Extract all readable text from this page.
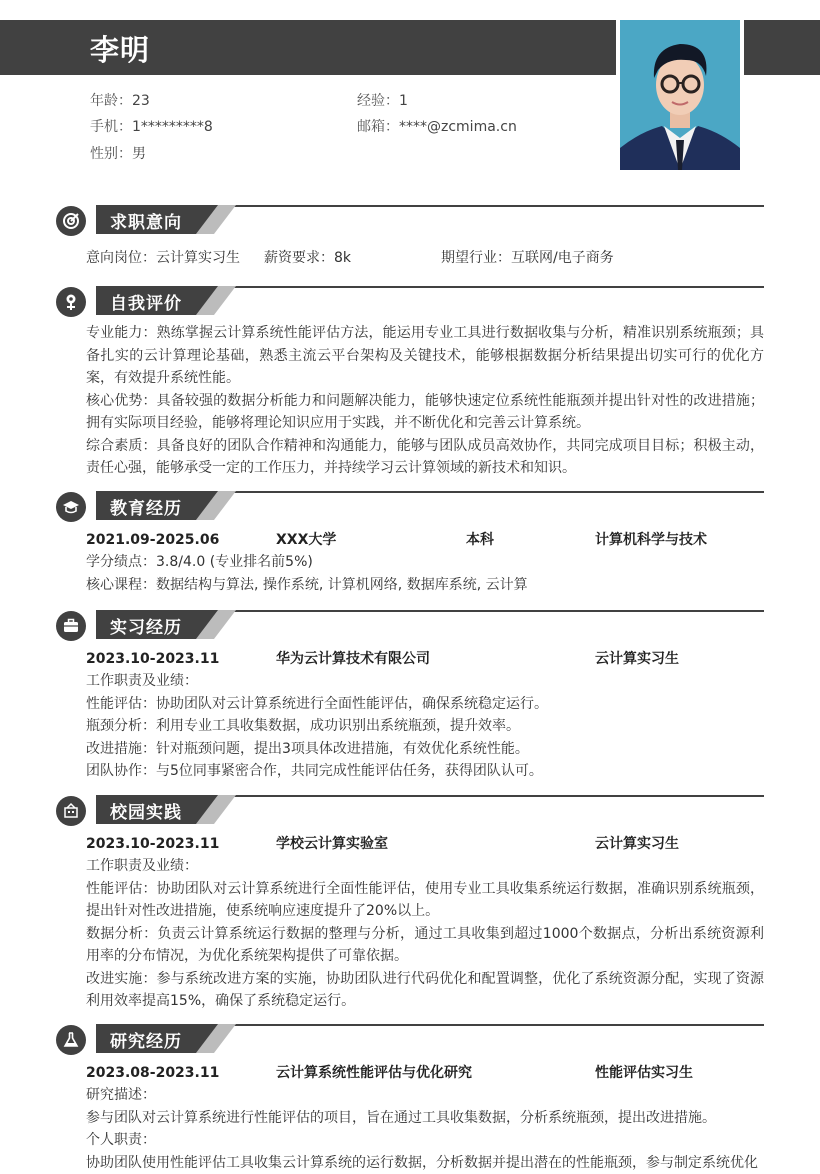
李明
年龄：23	经验：1
手机：1*********8	邮箱：****@zcmima.cn
性别：男
求职意向
意向岗位：云计算实习生 薪资要求：8k	期望行业：互联网/电子商务
自我评价
专业能力：熟练掌握云计算系统性能评估方法，能运用专业工具进行数据收集与分析，精准识别系统瓶颈；具备扎实的云计算理论基础，熟悉主流云平台架构及关键技术，能够根据数据分析结果提出切实可行的优化方案，有效提升系统性能。
核心优势：具备较强的数据分析能力和问题解决能力，能够快速定位系统性能瓶颈并提出针对性的改进措施；拥有实际项目经验，能够将理论知识应用于实践，并不断优化和完善云计算系统。
综合素质：具备良好的团队合作精神和沟通能力，能够与团队成员高效协作，共同完成项目目标；积极主动，责任心强，能够承受一定的工作压力，并持续学习云计算领域的新技术和知识。
教育经历
2021.09-2025.06	XXX大学	本科	计算机科学与技术
学分绩点：3.8/4.0 (专业排名前5%)
核心课程：数据结构与算法, 操作系统, 计算机网络, 数据库系统, 云计算
实习经历
2023.10-2023.11	华为云计算技术有限公司	云计算实习生
工作职责及业绩：
性能评估：协助团队对云计算系统进行全面性能评估，确保系统稳定运行。
瓶颈分析：利用专业工具收集数据，成功识别出系统瓶颈，提升效率。
改进措施：针对瓶颈问题，提出3项具体改进措施，有效优化系统性能。
团队协作：与5位同事紧密合作，共同完成性能评估任务，获得团队认可。
校园实践
2023.10-2023.11	学校云计算实验室	云计算实习生
工作职责及业绩：
性能评估：协助团队对云计算系统进行全面性能评估，使用专业工具收集系统运行数据，准确识别系统瓶颈，提出针对性改进措施，使系统响应速度提升了20%以上。
数据分析：负责云计算系统运行数据的整理与分析，通过工具收集到超过1000个数据点，分析出系统资源利用率的分布情况，为优化系统架构提供了可靠依据。
改进实施：参与系统改进方案的实施，协助团队进行代码优化和配置调整，优化了系统资源分配，实现了资源利用效率提高15%，确保了系统稳定运行。
研究经历
2023.08-2023.11	云计算系统性能评估与优化研究	性能评估实习生
研究描述：
参与团队对云计算系统进行性能评估的项目，旨在通过工具收集数据，分析系统瓶颈，提出改进措施。
个人职责：
协助团队使用性能评估工具收集云计算系统的运行数据，分析数据并提出潜在的性能瓶颈，参与制定系统优化
